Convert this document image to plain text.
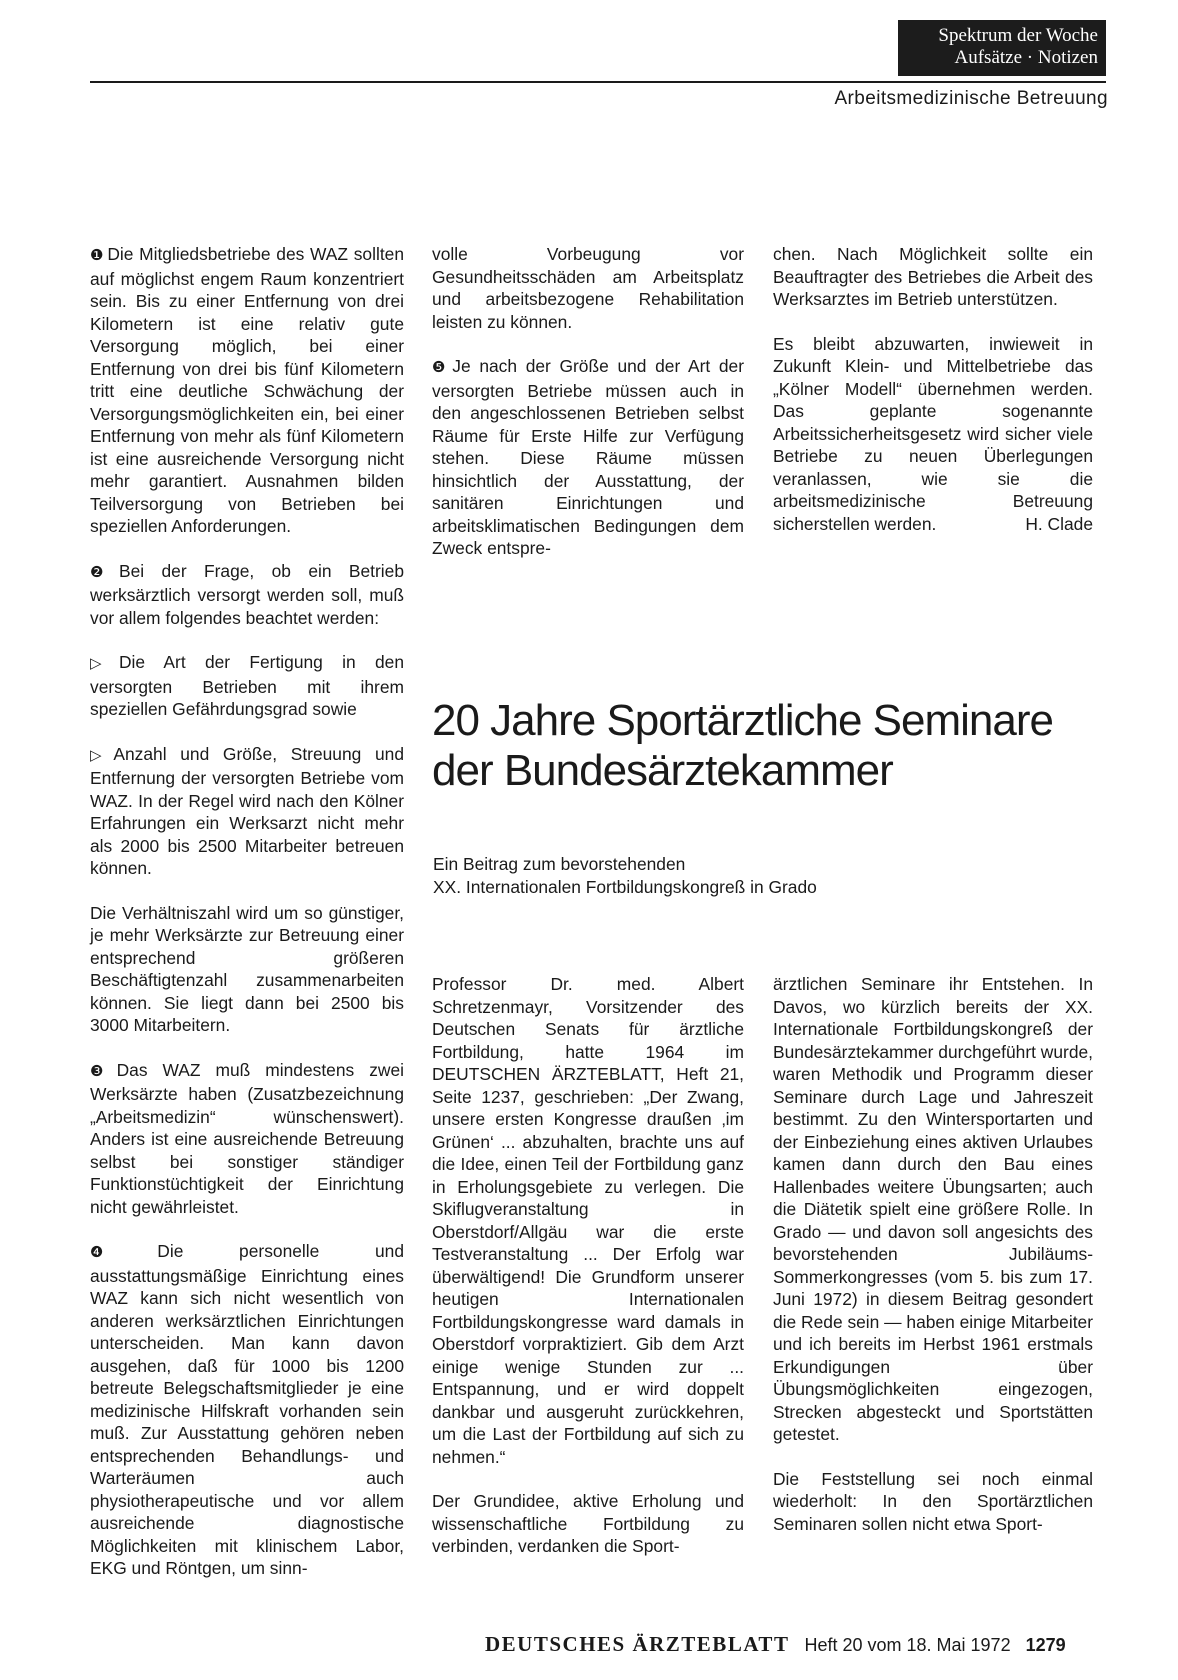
Spektrum der Woche
Aufsätze · Notizen
Arbeitsmedizinische Betreuung

❶ Die Mitgliedsbetriebe des WAZ sollten auf möglichst engem Raum konzentriert sein. Bis zu einer Entfernung von drei Kilometern ist eine relativ gute Versorgung möglich, bei einer Entfernung von drei bis fünf Kilometern tritt eine deutliche Schwächung der Versorgungsmöglichkeiten ein, bei einer Entfernung von mehr als fünf Kilometern ist eine ausreichende Versorgung nicht mehr garantiert. Ausnahmen bilden Teilversorgung von Betrieben bei speziellen Anforderungen.

❷ Bei der Frage, ob ein Betrieb werksärztlich versorgt werden soll, muß vor allem folgendes beachtet werden:

▷ Die Art der Fertigung in den versorgten Betrieben mit ihrem speziellen Gefährdungsgrad sowie

▷ Anzahl und Größe, Streuung und Entfernung der versorgten Betriebe vom WAZ. In der Regel wird nach den Kölner Erfahrungen ein Werksarzt nicht mehr als 2000 bis 2500 Mitarbeiter betreuen können.

Die Verhältniszahl wird um so günstiger, je mehr Werksärzte zur Betreuung einer entsprechend größeren Beschäftigtenzahl zusammenarbeiten können. Sie liegt dann bei 2500 bis 3000 Mitarbeitern.

❸ Das WAZ muß mindestens zwei Werksärzte haben (Zusatzbezeichnung „Arbeitsmedizin“ wünschenswert). Anders ist eine ausreichende Betreuung selbst bei sonstiger ständiger Funktionstüchtigkeit der Einrichtung nicht gewährleistet.

❹ Die personelle und ausstattungsmäßige Einrichtung eines WAZ kann sich nicht wesentlich von anderen werksärztlichen Einrichtungen unterscheiden. Man kann davon ausgehen, daß für 1000 bis 1200 betreute Belegschaftsmitglieder je eine medizinische Hilfskraft vorhanden sein muß. Zur Ausstattung gehören neben entsprechenden Behandlungs- und Warteräumen auch physiotherapeutische und vor allem ausreichende diagnostische Möglichkeiten mit klinischem Labor, EKG und Röntgen, um sinn-

volle Vorbeugung vor Gesundheitsschäden am Arbeitsplatz und arbeitsbezogene Rehabilitation leisten zu können.

❺ Je nach der Größe und der Art der versorgten Betriebe müssen auch in den angeschlossenen Betrieben selbst Räume für Erste Hilfe zur Verfügung stehen. Diese Räume müssen hinsichtlich der Ausstattung, der sanitären Einrichtungen und arbeitsklimatischen Bedingungen dem Zweck entspre-

chen. Nach Möglichkeit sollte ein Beauftragter des Betriebes die Arbeit des Werksarztes im Betrieb unterstützen.

Es bleibt abzuwarten, inwieweit in Zukunft Klein- und Mittelbetriebe das „Kölner Modell“ übernehmen werden. Das geplante sogenannte Arbeitssicherheitsgesetz wird sicher viele Betriebe zu neuen Überlegungen veranlassen, wie sie die arbeitsmedizinische Betreuung sicherstellen werden.	H. Clade

20 Jahre Sportärztliche Seminare der Bundesärztekammer
Ein Beitrag zum bevorstehenden
XX. Internationalen Fortbildungskongreß in Grado

Professor Dr. med. Albert Schretzenmayr, Vorsitzender des Deutschen Senats für ärztliche Fortbildung, hatte 1964 im DEUTSCHEN ÄRZTEBLATT, Heft 21, Seite 1237, geschrieben: „Der Zwang, unsere ersten Kongresse draußen ‚im Grünen‘ ... abzuhalten, brachte uns auf die Idee, einen Teil der Fortbildung ganz in Erholungsgebiete zu verlegen. Die Skiflugveranstaltung in Oberstdorf/Allgäu war die erste Testveranstaltung ... Der Erfolg war überwältigend! Die Grundform unserer heutigen Internationalen Fortbildungskongresse ward damals in Oberstdorf vorpraktiziert. Gib dem Arzt einige wenige Stunden zur ... Entspannung, und er wird doppelt dankbar und ausgeruht zurückkehren, um die Last der Fortbildung auf sich zu nehmen.“

Der Grundidee, aktive Erholung und wissenschaftliche Fortbildung zu verbinden, verdanken die Sport-

ärztlichen Seminare ihr Entstehen. In Davos, wo kürzlich bereits der XX. Internationale Fortbildungskongreß der Bundesärztekammer durchgeführt wurde, waren Methodik und Programm dieser Seminare durch Lage und Jahreszeit bestimmt. Zu den Wintersportarten und der Einbeziehung eines aktiven Urlaubes kamen dann durch den Bau eines Hallenbades weitere Übungsarten; auch die Diätetik spielt eine größere Rolle. In Grado — und davon soll angesichts des bevorstehenden Jubiläums-Sommerkongresses (vom 5. bis zum 17. Juni 1972) in diesem Beitrag gesondert die Rede sein — haben einige Mitarbeiter und ich bereits im Herbst 1961 erstmals Erkundigungen über Übungsmöglichkeiten eingezogen, Strecken abgesteckt und Sportstätten getestet.

Die Feststellung sei noch einmal wiederholt: In den Sportärztlichen Seminaren sollen nicht etwa Sport-

DEUTSCHES ÄRZTEBLATT Heft 20 vom 18. Mai 1972 1279
